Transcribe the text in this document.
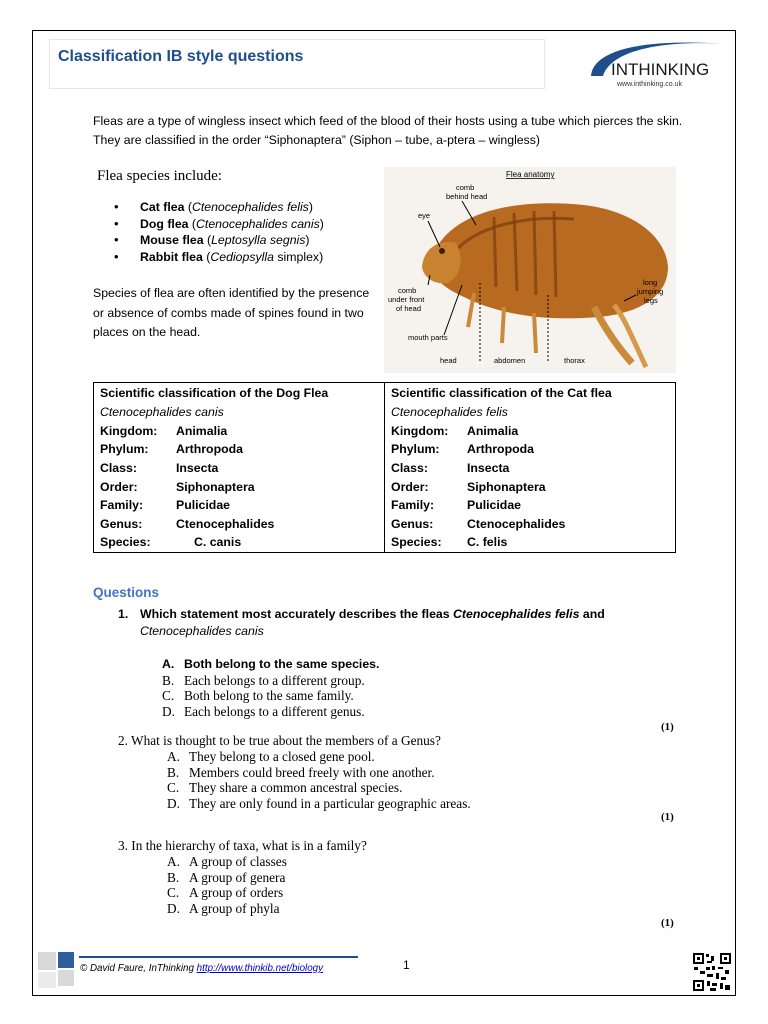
Classification IB style questions
INTHINKING
www.inthinking.co.uk
Fleas are a type of wingless insect which feed of the blood of their hosts using a tube which pierces the skin. They are classified in the order “Siphonaptera” (Siphon – tube, a-ptera – wingless)
Flea species include:
• Cat flea (Ctenocephalides felis)
• Dog flea (Ctenocephalides canis)
• Mouse flea (Leptosylla segnis)
• Rabbit flea (Cediopsylla simplex)
Species of flea are often identified by the presence or absence of combs made of spines found in two places on the head.
Flea anatomy
comb
behind head
eye
comb
under front
of head
long
jumping
legs
mouth parts
head	abdomen	thorax
Scientific classification of the Dog Flea
Ctenocephalides canis
Kingdom:	Animalia
Phylum:	Arthropoda
Class:	Insecta
Order:	Siphonaptera
Family:	Pulicidae
Genus:	Ctenocephalides
Species:	C. canis

Scientific classification of the Cat flea
Ctenocephalides felis
Kingdom:	Animalia
Phylum:	Arthropoda
Class:	Insecta
Order:	Siphonaptera
Family:	Pulicidae
Genus:	Ctenocephalides
Species:	C. felis
Questions
1. Which statement most accurately describes the fleas Ctenocephalides felis and
Ctenocephalides canis
A. Both belong to the same species.
B. Each belongs to a different group.
C. Both belong to the same family.
D. Each belongs to a different genus.
(1)
2. What is thought to be true about the members of a Genus?
A. They belong to a closed gene pool.
B. Members could breed freely with one another.
C. They share a common ancestral species.
D. They are only found in a particular geographic areas.
(1)
3. In the hierarchy of taxa, what is in a family?
A. A group of classes
B. A group of genera
C. A group of orders
D. A group of phyla
(1)
© David Faure, InThinking http://www.thinkib.net/biology	1
